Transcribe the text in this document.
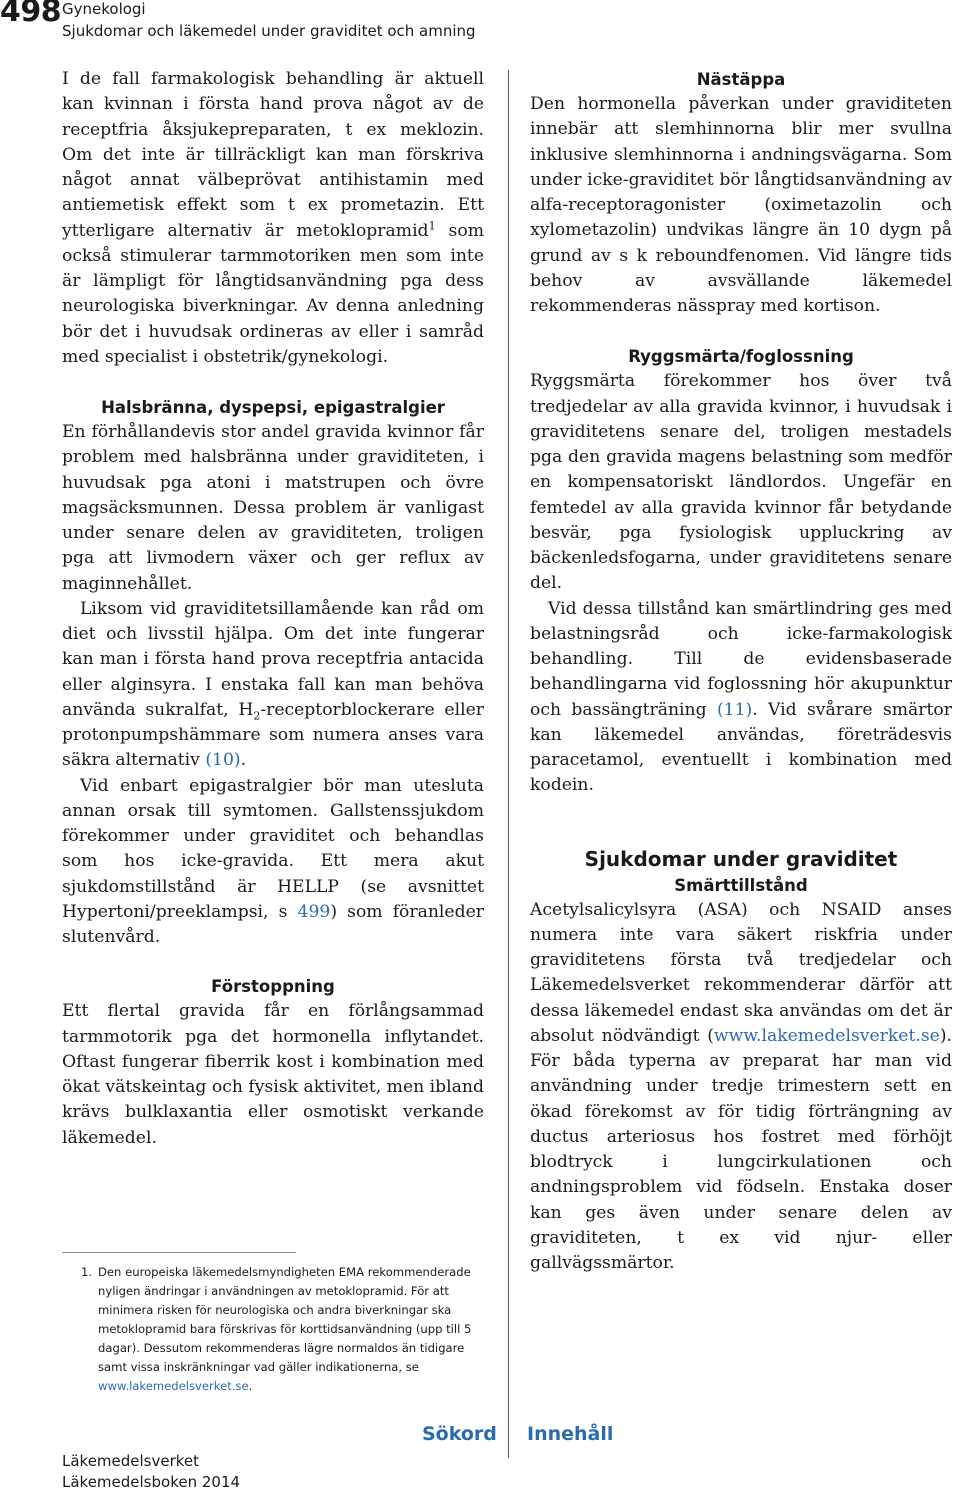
498 Gynekologi
Sjukdomar och läkemedel under graviditet och amning

I de fall farmakologisk behandling är aktuell kan kvinnan i första hand prova något av de receptfria åksjukepreparaten, t ex meklozin. Om det inte är tillräckligt kan man förskriva något annat välbeprövat antihistamin med antiemetisk effekt som t ex prometazin. Ett ytterligare alternativ är metoklopramid$^1$ som också stimulerar tarmmotoriken men som inte är lämpligt för långtidsanvändning pga dess neurologiska biverkningar. Av denna anledning bör det i huvudsak ordineras av eller i samråd med specialist i obstetrik/gynekologi.

Halsbränna, dyspepsi, epigastralgier

En förhållandevis stor andel gravida kvinnor får problem med halsbränna under graviditeten, i huvudsak pga atoni i matstrupen och övre magsäcksmunnen. Dessa problem är vanligast under senare delen av graviditeten, troligen pga att livmodern växer och ger reflux av maginnehållet.

Liksom vid graviditetsillamående kan råd om diet och livsstil hjälpa. Om det inte fungerar kan man i första hand prova receptfria antacida eller alginsyra. I enstaka fall kan man behöva använda sukralfat, $H_2$-receptorblockerare eller protonpumpshämmare som numera anses vara säkra alternativ (10).

Vid enbart epigastralgier bör man utesluta annan orsak till symtomen. Gallstenssjukdom förekommer under graviditet och behandlas som hos icke-gravida. Ett mera akut sjukdomstillstånd är HELLP (se avsnittet Hypertoni/preeklampsi, s 499) som föranleder slutenvård.

Förstoppning

Ett flertal gravida får en förlångsammad tarmmotorik pga det hormonella inflytandet. Oftast fungerar fiberrik kost i kombination med ökat vätskeintag och fysisk aktivitet, men ibland krävs bulklaxantia eller osmotiskt verkande läkemedel.

1. Den europeiska läkemedelsmyndigheten EMA rekommenderade nyligen ändringar i användningen av metoklopramid. För att minimera risken för neurologiska och andra biverkningar ska metoklopramid bara förskrivas för korttidsanvändning (upp till 5 dagar). Dessutom rekommenderas lägre normaldos än tidigare samt vissa inskränkningar vad gäller indikationerna, se www.lakemedelsverket.se.
Nästäppa

Den hormonella påverkan under graviditeten innebär att slemhinnorna blir mer svullna inklusive slemhinnorna i andningsvägarna. Som under icke-graviditet bör långtidsanvändning av alfa-receptoragonister (oximetazolin och xylometazolin) undvikas längre än 10 dygn på grund av s k reboundfenomen. Vid längre tids behov av avsvällande läkemedel rekommenderas nässpray med kortison.

Ryggsmärta/foglossning

Ryggsmärta förekommer hos över två tredjedelar av alla gravida kvinnor, i huvudsak i graviditetens senare del, troligen mestadels pga den gravida magens belastning som medför en kompensatoriskt ländlordos. Ungefär en femtedel av alla gravida kvinnor får betydande besvär, pga fysiologisk uppluckring av bäckenledsfogarna, under graviditetens senare del.

Vid dessa tillstånd kan smärtlindring ges med belastningsråd och icke-farmakologisk behandling. Till de evidensbaserade behandlingarna vid foglossning hör akupunktur och bassängträning (11). Vid svårare smärtor kan läkemedel användas, företrädesvis paracetamol, eventuellt i kombination med kodein.

Sjukdomar under graviditet
Smärttillstånd

Acetylsalicylsyra (ASA) och NSAID anses numera inte vara säkert riskfria under graviditetens första två tredjedelar och Läkemedelsverket rekommenderar därför att dessa läkemedel endast ska användas om det är absolut nödvändigt (www.lakemedelsverket.se). För båda typerna av preparat har man vid användning under tredje trimestern sett en ökad förekomst av för tidig förträngning av ductus arteriosus hos fostret med förhöjt blodtryck i lungcirkulationen och andningsproblem vid födseln. Enstaka doser kan ges även under senare delen av graviditeten, t ex vid njur- eller gallvägssmärtor.

Sökord Innehåll
Läkemedelsverket
Läkemedelsboken 2014
